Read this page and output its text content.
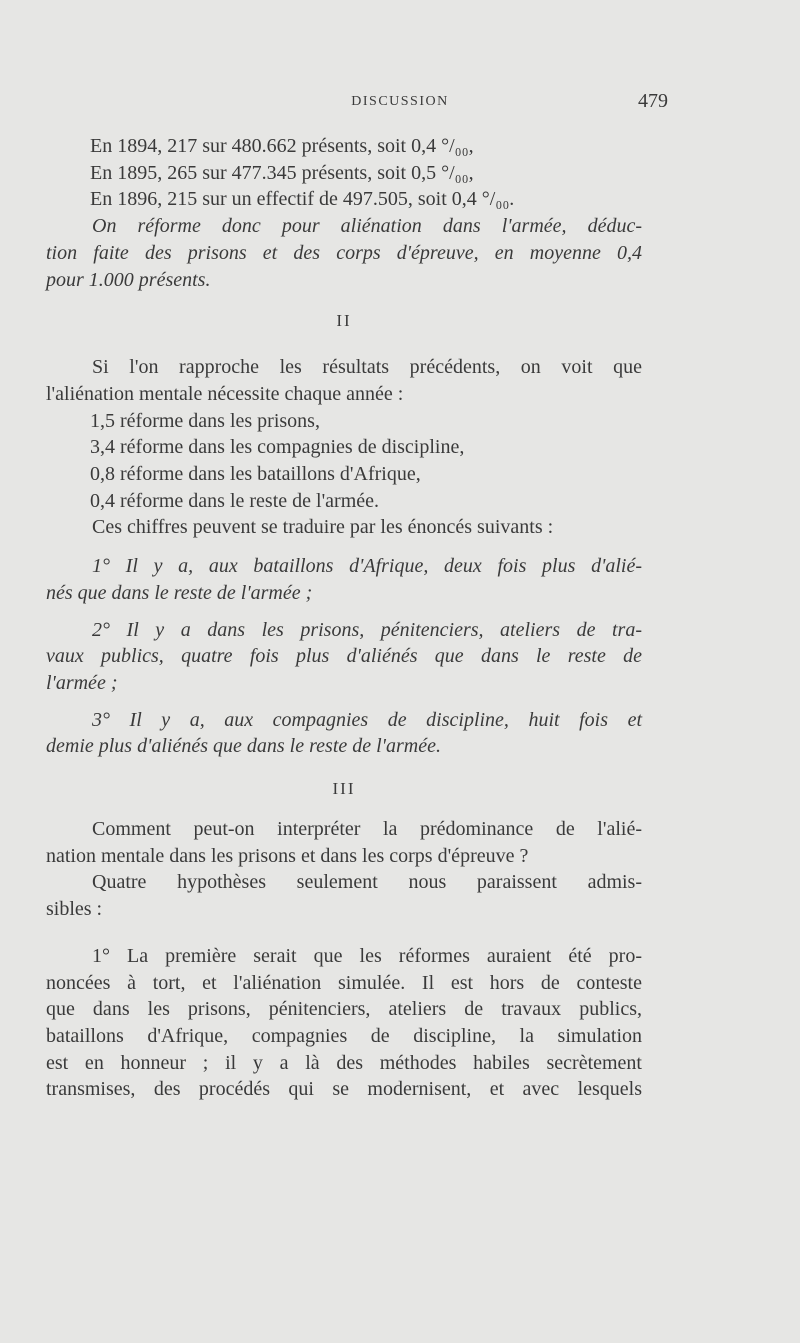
DISCUSSION	479
En 1894, 217 sur 480.662 présents, soit 0,4 °/₀₀,
En 1895, 265 sur 477.345 présents, soit 0,5 °/₀₀,
En 1896, 215 sur un effectif de 497.505, soit 0,4 °/₀₀.
On réforme donc pour aliénation dans l'armée, déduc-
tion faite des prisons et des corps d'épreuve, en moyenne 0,4
pour 1.000 présents.
II
Si l'on rapproche les résultats précédents, on voit que
l'aliénation mentale nécessite chaque année :
1,5 réforme dans les prisons,
3,4 réforme dans les compagnies de discipline,
0,8 réforme dans les bataillons d'Afrique,
0,4 réforme dans le reste de l'armée.
Ces chiffres peuvent se traduire par les énoncés suivants :
1° Il y a, aux bataillons d'Afrique, deux fois plus d'alié-
nés que dans le reste de l'armée ;
2° Il y a dans les prisons, pénitenciers, ateliers de tra-
vaux publics, quatre fois plus d'aliénés que dans le reste de
l'armée ;
3° Il y a, aux compagnies de discipline, huit fois et
demie plus d'aliénés que dans le reste de l'armée.
III
Comment peut-on interpréter la prédominance de l'alié-
nation mentale dans les prisons et dans les corps d'épreuve ?
Quatre hypothèses seulement nous paraissent admis-
sibles :
1° La première serait que les réformes auraient été pro-
noncées à tort, et l'aliénation simulée. Il est hors de conteste
que dans les prisons, pénitenciers, ateliers de travaux publics,
bataillons d'Afrique, compagnies de discipline, la simulation
est en honneur ; il y a là des méthodes habiles secrètement
transmises, des procédés qui se modernisent, et avec lesquels
